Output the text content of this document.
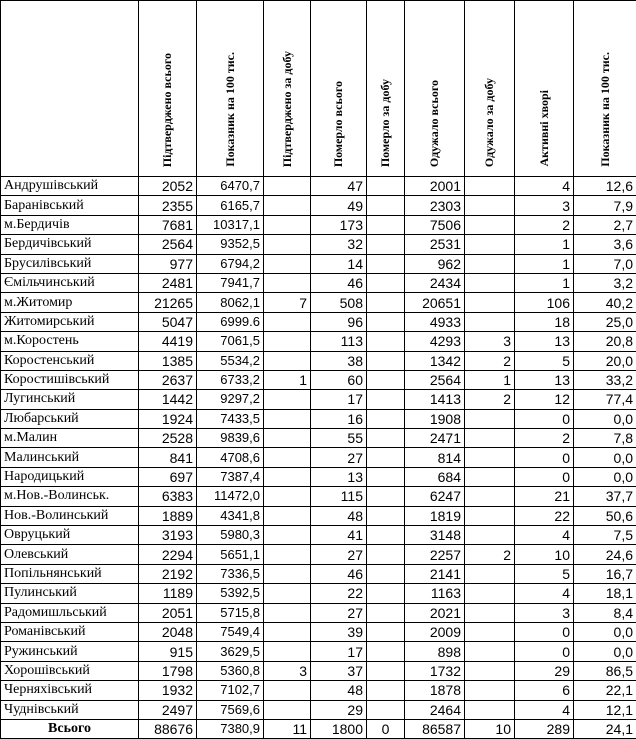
	Підтверджено всього	Показник на 100 тис.	Підтверджено за добу	Померло всього	Померло за добу	Одужало всього	Одужало за добу	Активні хворі	Показник на 100 тис.
Андрушівський	2052	6470,7		47		2001		4	12,6
Баранівський	2355	6165,7		49		2303		3	7,9
м.Бердичів	7681	10317,1		173		7506		2	2,7
Бердичівський	2564	9352,5		32		2531		1	3,6
Брусилівський	977	6794,2		14		962		1	7,0
Ємільчинський	2481	7941,7		46		2434		1	3,2
м.Житомир	21265	8062,1	7	508		20651		106	40,2
Житомирський	5047	6999.6		96		4933		18	25,0
м.Коростень	4419	7061,5		113		4293	3	13	20,8
Коростенський	1385	5534,2		38		1342	2	5	20,0
Коростишівський	2637	6733,2	1	60		2564	1	13	33,2
Лугинський	1442	9297,2		17		1413	2	12	77,4
Любарський	1924	7433,5		16		1908		0	0,0
м.Малин	2528	9839,6		55		2471		2	7,8
Малинський	841	4708,6		27		814		0	0,0
Народицький	697	7387,4		13		684		0	0,0
м.Нов.-Волинськ.	6383	11472,0		115		6247		21	37,7
Нов.-Волинський	1889	4341,8		48		1819		22	50,6
Овруцький	3193	5980,3		41		3148		4	7,5
Олевський	2294	5651,1		27		2257	2	10	24,6
Попільнянський	2192	7336,5		46		2141		5	16,7
Пулинський	1189	5392,5		22		1163		4	18,1
Радомишльський	2051	5715,8		27		2021		3	8,4
Романівський	2048	7549,4		39		2009		0	0,0
Ружинський	915	3629,5		17		898		0	0,0
Хорошівський	1798	5360,8	3	37		1732		29	86,5
Черняхівський	1932	7102,7		48		1878		6	22,1
Чуднівський	2497	7569,6		29		2464		4	12,1
Всього	88676	7380,9	11	1800	0	86587	10	289	24,1
